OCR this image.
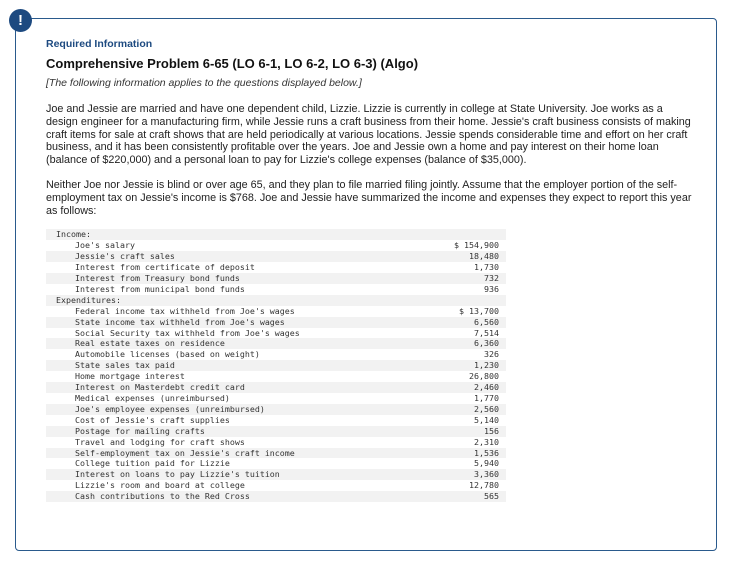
!
Required Information
Comprehensive Problem 6-65 (LO 6-1, LO 6-2, LO 6-3) (Algo)
[The following information applies to the questions displayed below.]

Joe and Jessie are married and have one dependent child, Lizzie. Lizzie is currently in college at State University. Joe works as a design engineer for a manufacturing firm, while Jessie runs a craft business from their home. Jessie's craft business consists of making craft items for sale at craft shows that are held periodically at various locations. Jessie spends considerable time and effort on her craft business, and it has been consistently profitable over the years. Joe and Jessie own a home and pay interest on their home loan (balance of $220,000) and a personal loan to pay for Lizzie's college expenses (balance of $35,000).

Neither Joe nor Jessie is blind or over age 65, and they plan to file married filing jointly. Assume that the employer portion of the self-employment tax on Jessie's income is $768. Joe and Jessie have summarized the income and expenses they expect to report this year as follows:

Income:	
Joe's salary	$ 154,900
Jessie's craft sales	18,480
Interest from certificate of deposit	1,730
Interest from Treasury bond funds	732
Interest from municipal bond funds	936
Expenditures:	
Federal income tax withheld from Joe's wages	$ 13,700
State income tax withheld from Joe's wages	6,560
Social Security tax withheld from Joe's wages	7,514
Real estate taxes on residence	6,360
Automobile licenses (based on weight)	326
State sales tax paid	1,230
Home mortgage interest	26,800
Interest on Masterdebt credit card	2,460
Medical expenses (unreimbursed)	1,770
Joe's employee expenses (unreimbursed)	2,560
Cost of Jessie's craft supplies	5,140
Postage for mailing crafts	156
Travel and lodging for craft shows	2,310
Self-employment tax on Jessie's craft income	1,536
College tuition paid for Lizzie	5,940
Interest on loans to pay Lizzie's tuition	3,360
Lizzie's room and board at college	12,780
Cash contributions to the Red Cross	565
